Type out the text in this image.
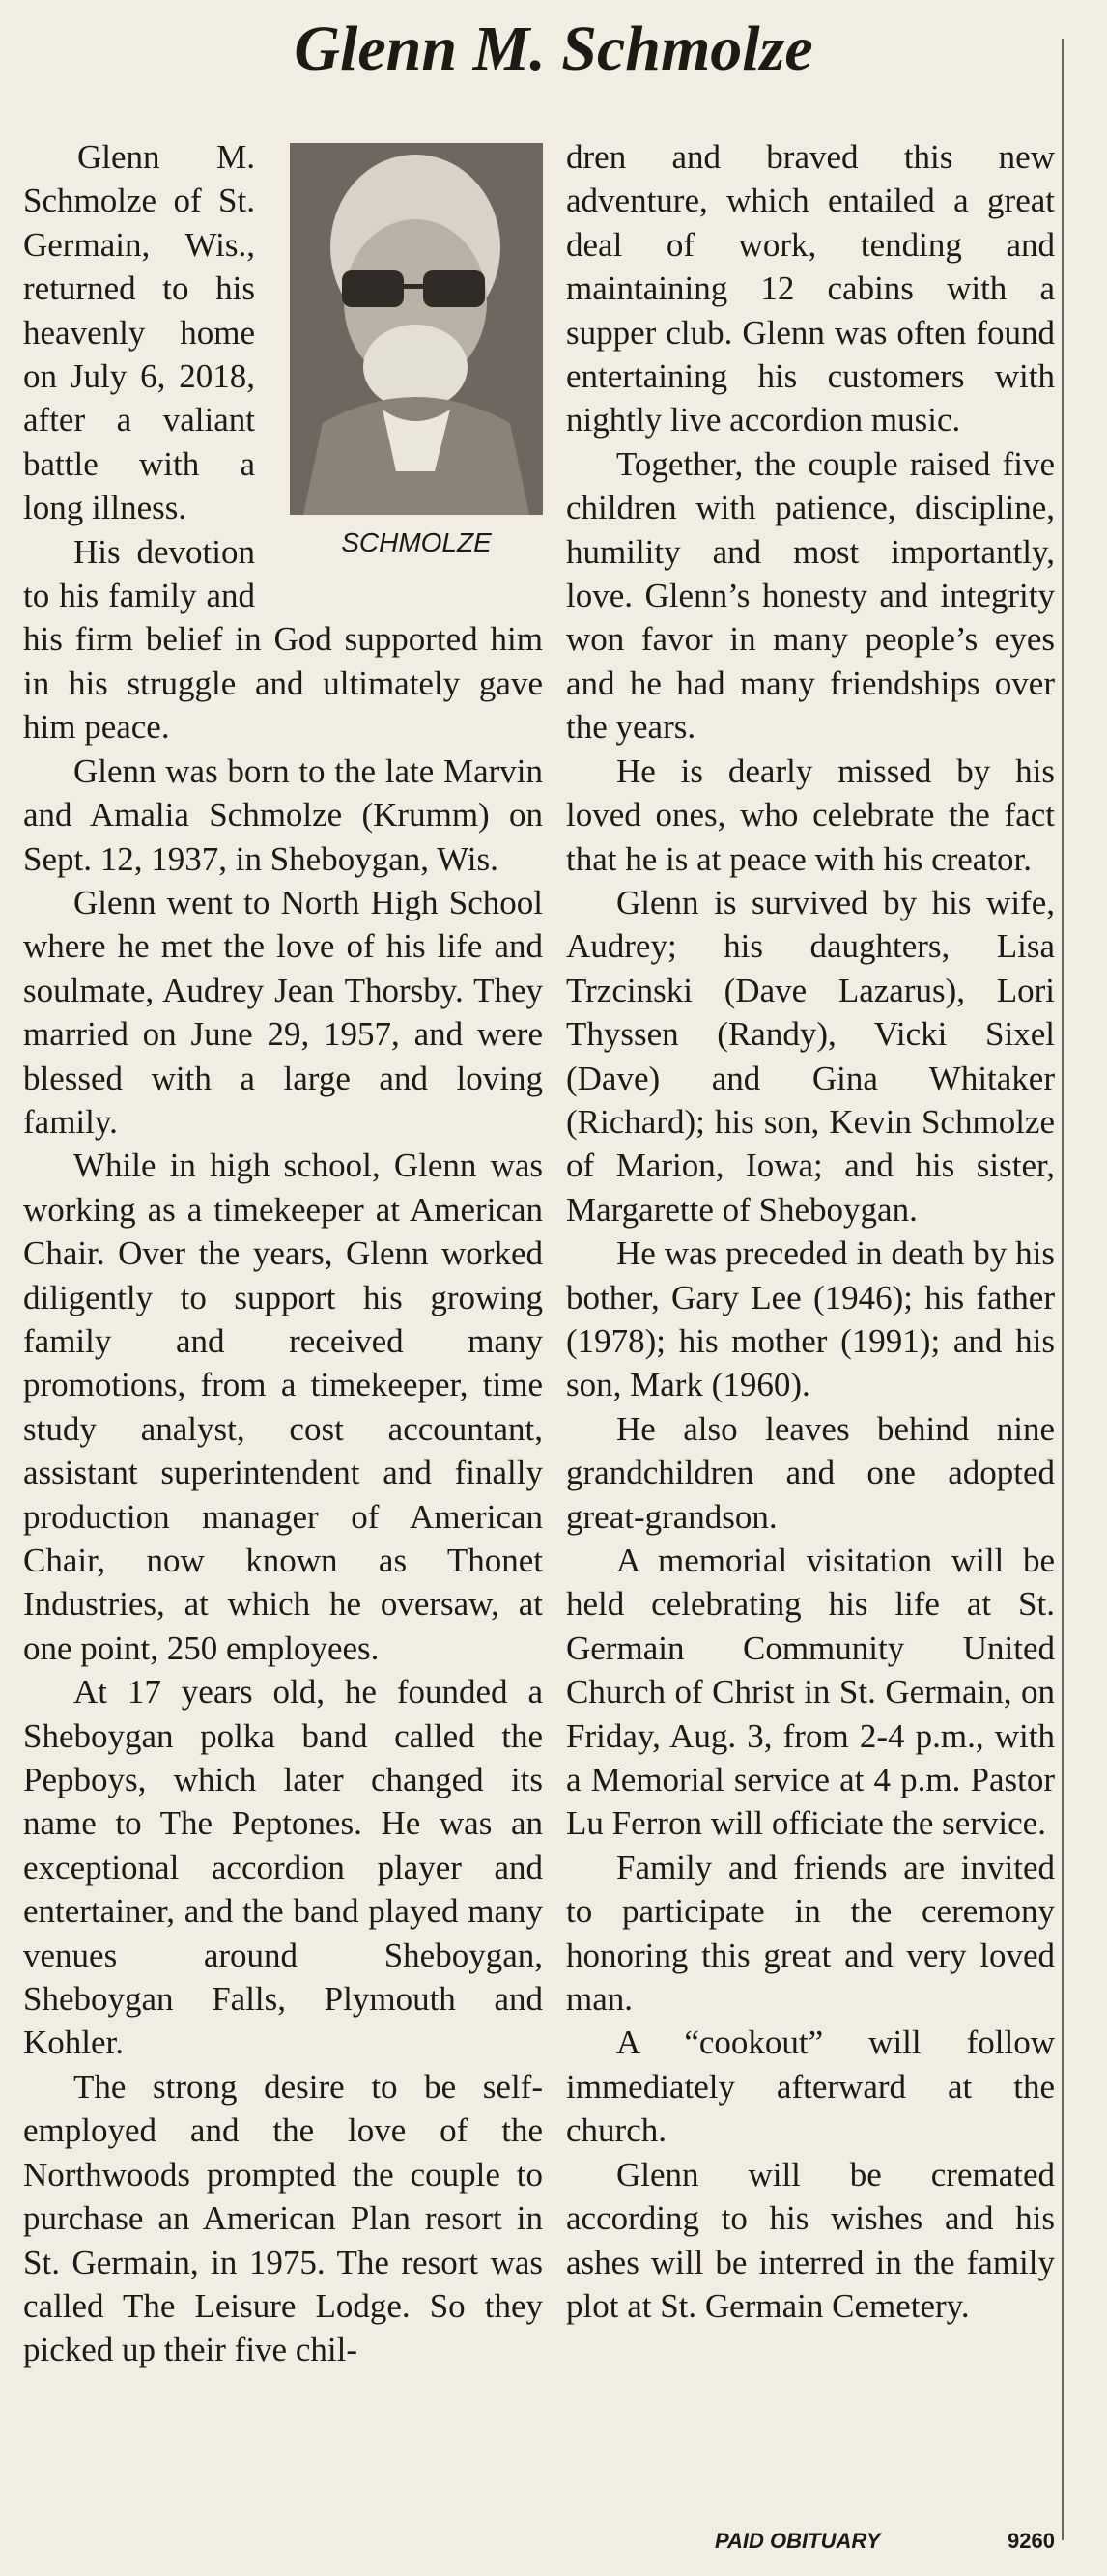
Glenn M. Schmolze
SCHMOLZE

Glenn M. Schmolze of St. Germain, Wis., returned to his heavenly home on July 6, 2018, after a valiant battle with a long illness.

His devotion to his family and his firm belief in God supported him in his struggle and ultimately gave him peace.

Glenn was born to the late Marvin and Amalia Schmolze (Krumm) on Sept. 12, 1937, in Sheboygan, Wis.

Glenn went to North High School where he met the love of his life and soulmate, Audrey Jean Thorsby. They married on June 29, 1957, and were blessed with a large and loving family.

While in high school, Glenn was working as a timekeeper at American Chair. Over the years, Glenn worked diligently to support his growing family and received many promotions, from a timekeeper, time study analyst, cost accountant, assistant superintendent and finally production manager of American Chair, now known as Thonet Industries, at which he oversaw, at one point, 250 employees.

At 17 years old, he founded a Sheboygan polka band called the Pepboys, which later changed its name to The Peptones. He was an exceptional accordion player and entertainer, and the band played many venues around Sheboygan, Sheboygan Falls, Plymouth and Kohler.

The strong desire to be self-employed and the love of the Northwoods prompted the couple to purchase an American Plan resort in St. Germain, in 1975. The resort was called The Leisure Lodge. So they picked up their five chil-

dren and braved this new adventure, which entailed a great deal of work, tending and maintaining 12 cabins with a supper club. Glenn was often found entertaining his customers with nightly live accordion music.

Together, the couple raised five children with patience, discipline, humility and most importantly, love. Glenn’s honesty and integrity won favor in many people’s eyes and he had many friendships over the years.

He is dearly missed by his loved ones, who celebrate the fact that he is at peace with his creator.

Glenn is survived by his wife, Audrey; his daughters, Lisa Trzcinski (Dave Lazarus), Lori Thyssen (Randy), Vicki Sixel (Dave) and Gina Whitaker (Richard); his son, Kevin Schmolze of Marion, Iowa; and his sister, Margarette of Sheboygan.

He was preceded in death by his bother, Gary Lee (1946); his father (1978); his mother (1991); and his son, Mark (1960).

He also leaves behind nine grandchildren and one adopted great-grandson.

A memorial visitation will be held celebrating his life at St. Germain Community United Church of Christ in St. Germain, on Friday, Aug. 3, from 2-4 p.m., with a Memorial service at 4 p.m. Pastor Lu Ferron will officiate the service.

Family and friends are invited to participate in the ceremony honoring this great and very loved man.

A “cookout” will follow immediately afterward at the church.

Glenn will be cremated according to his wishes and his ashes will be interred in the family plot at St. Germain Cemetery.

PAID OBITUARY	9260
